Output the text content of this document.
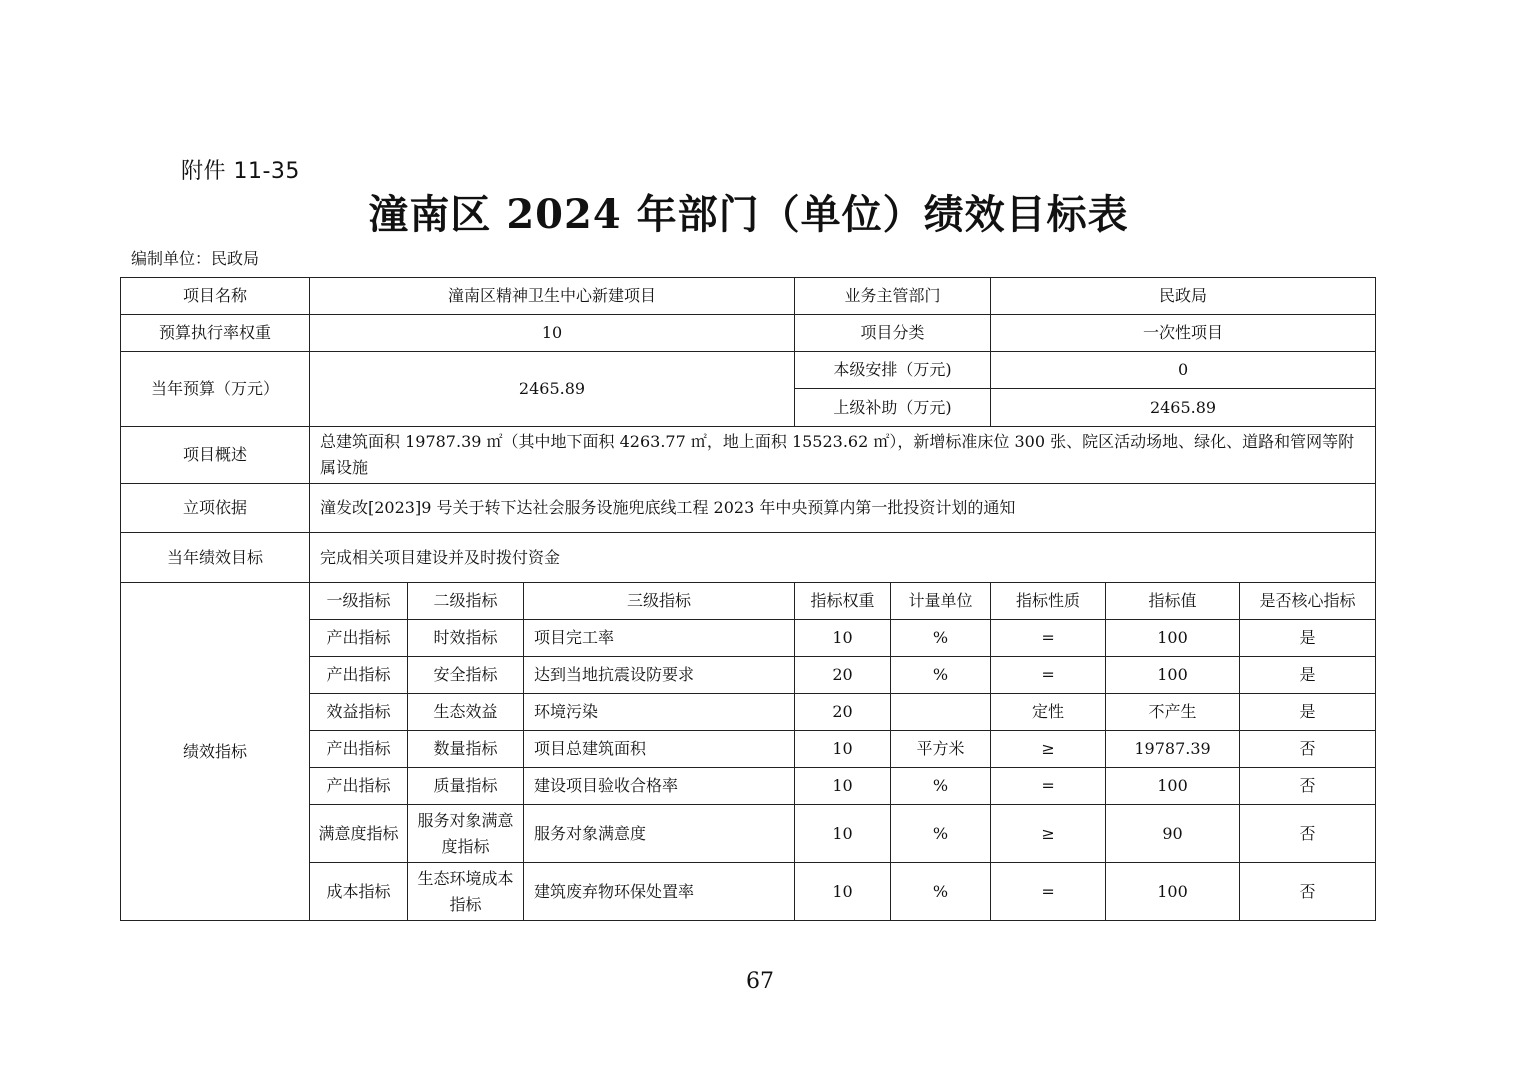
附件 11-35
潼南区 2024 年部门（单位）绩效目标表
编制单位：民政局
项目名称	潼南区精神卫生中心新建项目			业务主管部门		民政局		
预算执行率权重	10			项目分类		一次性项目		
当年预算（万元）	2465.89			本级安排（万元)		0		
				上级补助（万元)		2465.89		
项目概述	总建筑面积 19787.39 ㎡（其中地下面积 4263.77 ㎡，地上面积 15523.62 ㎡），新增标准床位 300 张、院区活动场地、绿化、道路和管网等附属设施							
立项依据	潼发改[2023]9 号关于转下达社会服务设施兜底线工程 2023 年中央预算内第一批投资计划的通知							
当年绩效目标	完成相关项目建设并及时拨付资金							
绩效指标	一级指标	二级指标	三级指标	指标权重	计量单位	指标性质	指标值	是否核心指标
	产出指标	时效指标	项目完工率	10	%	=	100	是
	产出指标	安全指标	达到当地抗震设防要求	20	%	=	100	是
	效益指标	生态效益	环境污染	20		定性	不产生	是
	产出指标	数量指标	项目总建筑面积	10	平方米	≥	19787.39	否
	产出指标	质量指标	建设项目验收合格率	10	%	=	100	否
	满意度指标	服务对象满意度指标	服务对象满意度	10	%	≥	90	否
	成本指标	生态环境成本指标	建筑废弃物环保处置率	10	%	=	100	否
67
